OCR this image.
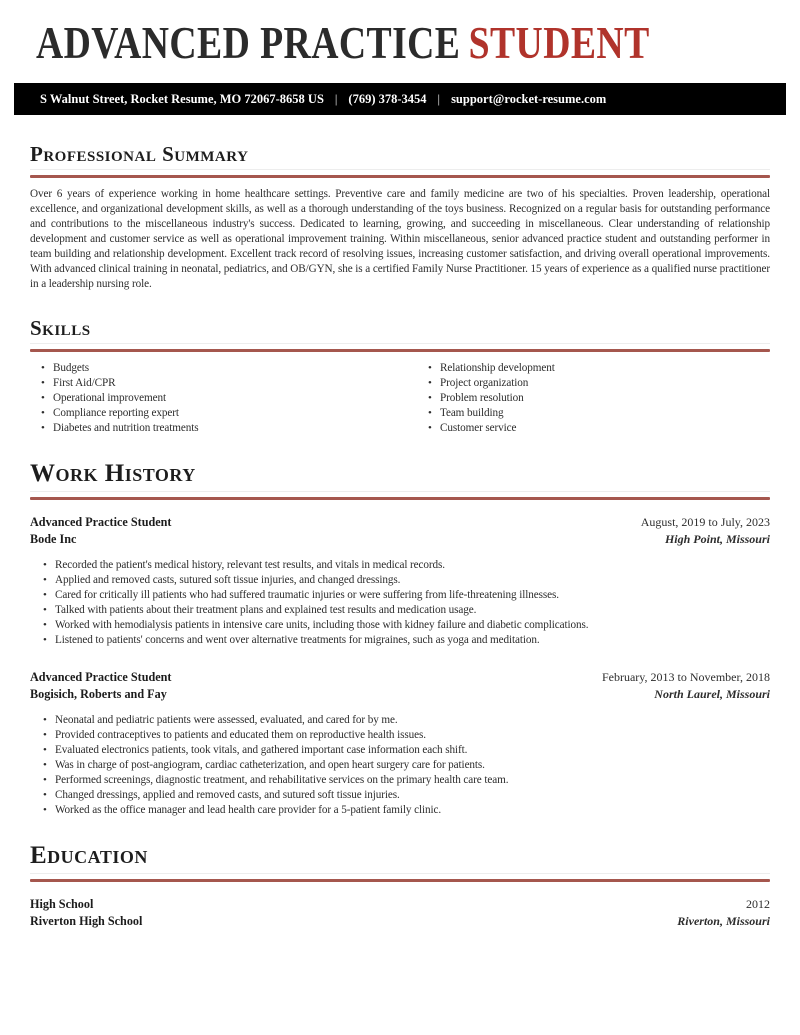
ADVANCED PRACTICE STUDENT
S Walnut Street, Rocket Resume, MO 72067-8658 US | (769) 378-3454 | support@rocket-resume.com
Professional Summary

Over 6 years of experience working in home healthcare settings. Preventive care and family medicine are two of his specialties. Proven leadership, operational excellence, and organizational development skills, as well as a thorough understanding of the toys business. Recognized on a regular basis for outstanding performance and contributions to the miscellaneous industry's success. Dedicated to learning, growing, and succeeding in miscellaneous. Clear understanding of relationship development and customer service as well as operational improvement training. Within miscellaneous, senior advanced practice student and outstanding performer in team building and relationship development. Excellent track record of resolving issues, increasing customer satisfaction, and driving overall operational improvements. With advanced clinical training in neonatal, pediatrics, and OB/GYN, she is a certified Family Nurse Practitioner. 15 years of experience as a qualified nurse practitioner in a leadership nursing role.

Skills
• Budgets
• First Aid/CPR
• Operational improvement
• Compliance reporting expert
• Diabetes and nutrition treatments
• Relationship development
• Project organization
• Problem resolution
• Team building
• Customer service
Work History
Advanced Practice Student	August, 2019 to July, 2023
Bode Inc	High Point, Missouri
• Recorded the patient's medical history, relevant test results, and vitals in medical records.
• Applied and removed casts, sutured soft tissue injuries, and changed dressings.
• Cared for critically ill patients who had suffered traumatic injuries or were suffering from life-threatening illnesses.
• Talked with patients about their treatment plans and explained test results and medication usage.
• Worked with hemodialysis patients in intensive care units, including those with kidney failure and diabetic complications.
• Listened to patients' concerns and went over alternative treatments for migraines, such as yoga and meditation.
Advanced Practice Student	February, 2013 to November, 2018
Bogisich, Roberts and Fay	North Laurel, Missouri
• Neonatal and pediatric patients were assessed, evaluated, and cared for by me.
• Provided contraceptives to patients and educated them on reproductive health issues.
• Evaluated electronics patients, took vitals, and gathered important case information each shift.
• Was in charge of post-angiogram, cardiac catheterization, and open heart surgery care for patients.
• Performed screenings, diagnostic treatment, and rehabilitative services on the primary health care team.
• Changed dressings, applied and removed casts, and sutured soft tissue injuries.
• Worked as the office manager and lead health care provider for a 5-patient family clinic.
Education
High School	2012
Riverton High School	Riverton, Missouri
